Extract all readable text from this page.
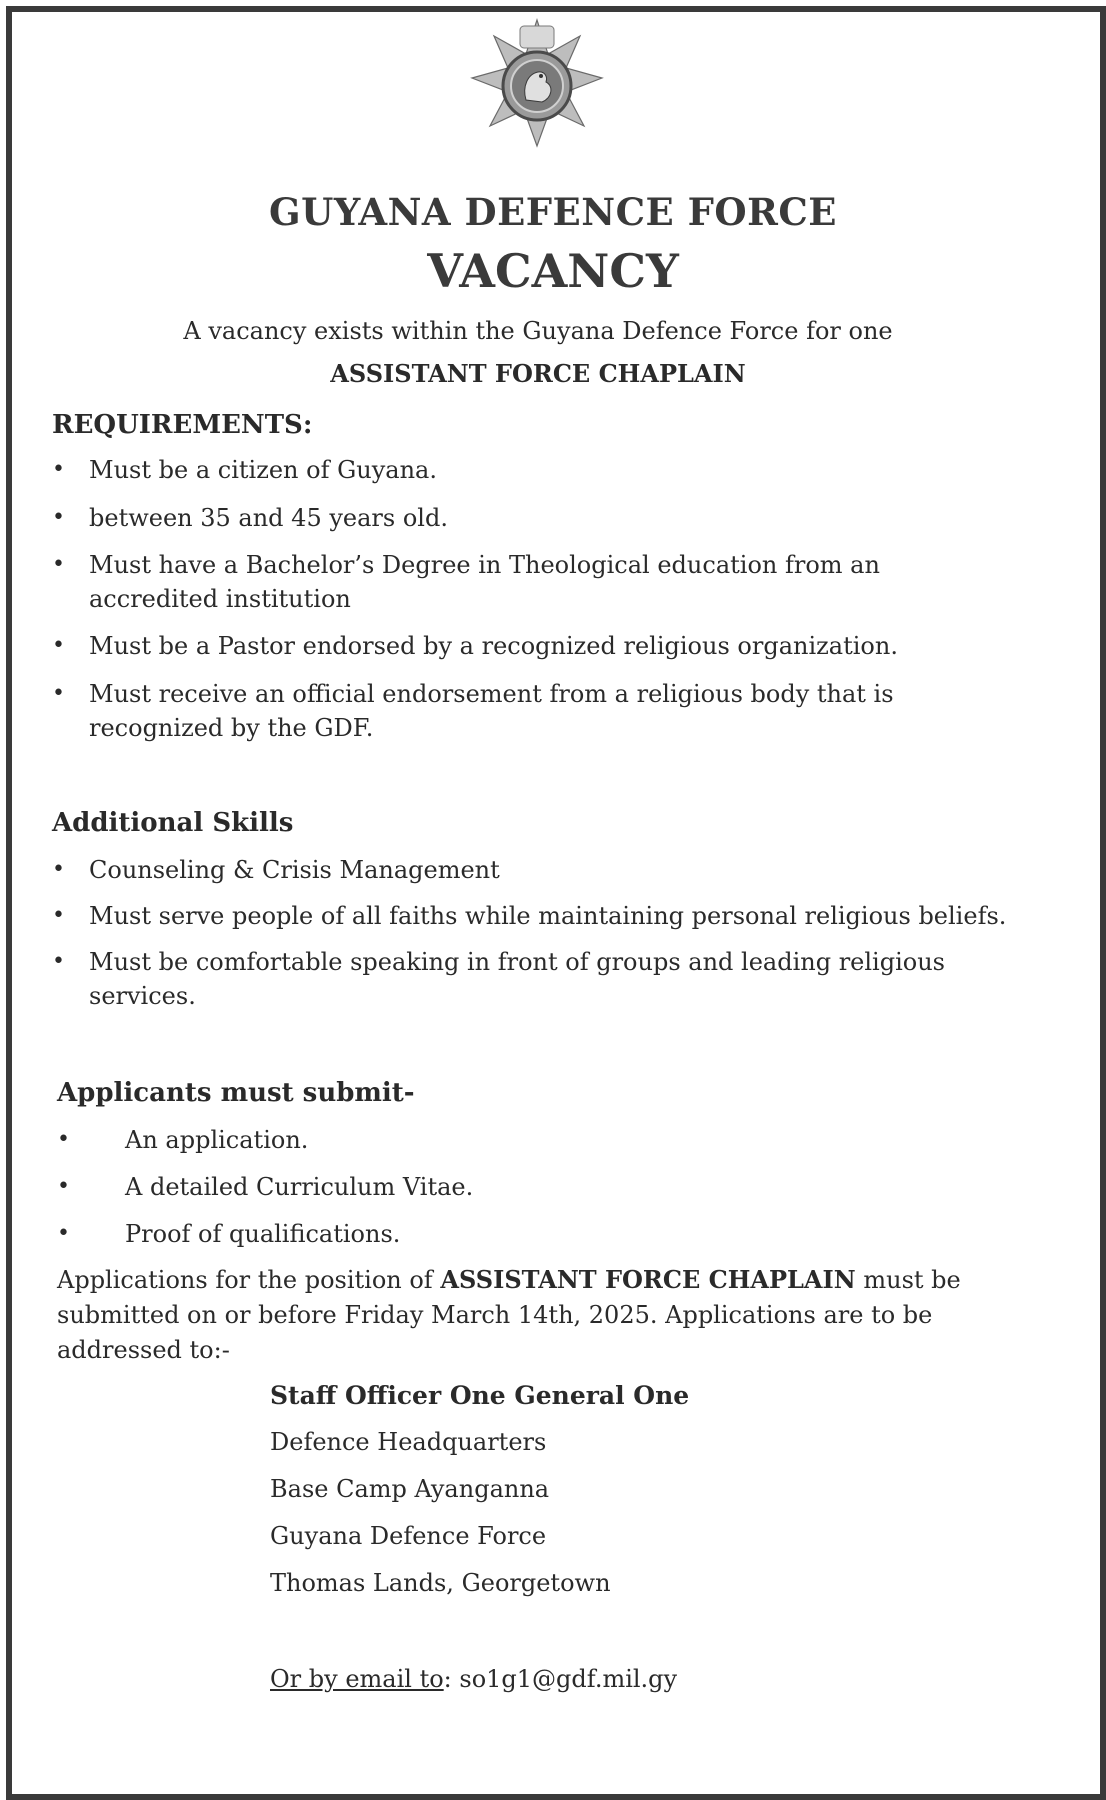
GUYANA DEFENCE FORCE
VACANCY
A vacancy exists within the Guyana Defence Force for one
ASSISTANT FORCE CHAPLAIN
REQUIREMENTS:
• Must be a citizen of Guyana.
• between 35 and 45 years old.
• Must have a Bachelor’s Degree in Theological education from an
accredited institution
• Must be a Pastor endorsed by a recognized religious organization.
• Must receive an official endorsement from a religious body that is
recognized by the GDF.
Additional Skills
• Counseling & Crisis Management
• Must serve people of all faiths while maintaining personal religious beliefs.
• Must be comfortable speaking in front of groups and leading religious
services.
Applicants must submit-
• An application.
• A detailed Curriculum Vitae.
• Proof of qualifications.
Applications for the position of ASSISTANT FORCE CHAPLAIN must be
submitted on or before Friday March 14th, 2025. Applications are to be
addressed to:-
Staff Officer One General One
Defence Headquarters
Base Camp Ayanganna
Guyana Defence Force
Thomas Lands, Georgetown
Or by email to: so1g1@gdf.mil.gy
